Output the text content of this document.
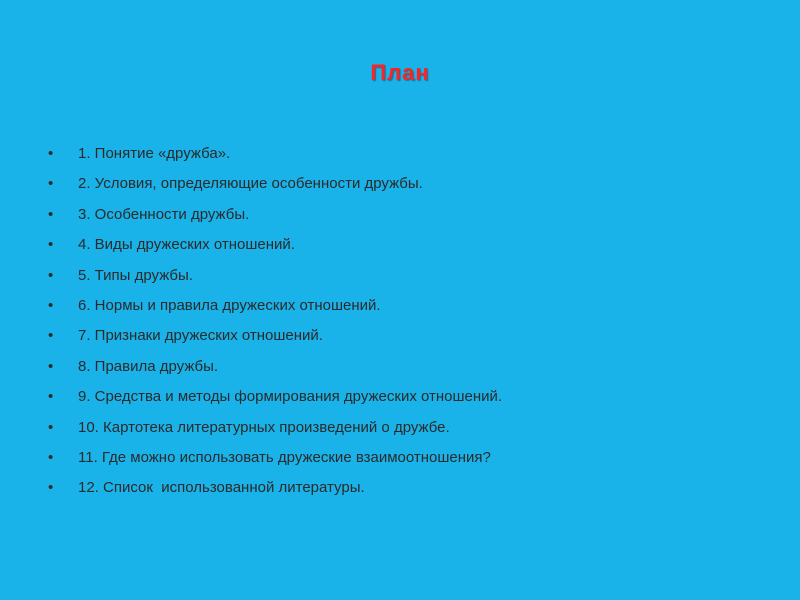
План
•	1. Понятие «дружба».
•	2. Условия, определяющие особенности дружбы.
•	3. Особенности дружбы.
•	4. Виды дружеских отношений.
•	5. Типы дружбы.
•	6. Нормы и правила дружеских отношений.
•	7. Признаки дружеских отношений.
•	8. Правила дружбы.
•	9. Средства и методы формирования дружеских отношений.
•	10. Картотека литературных произведений о дружбе.
•	11. Где можно использовать дружеские взаимоотношения?
•	12. Список  использованной литературы.
